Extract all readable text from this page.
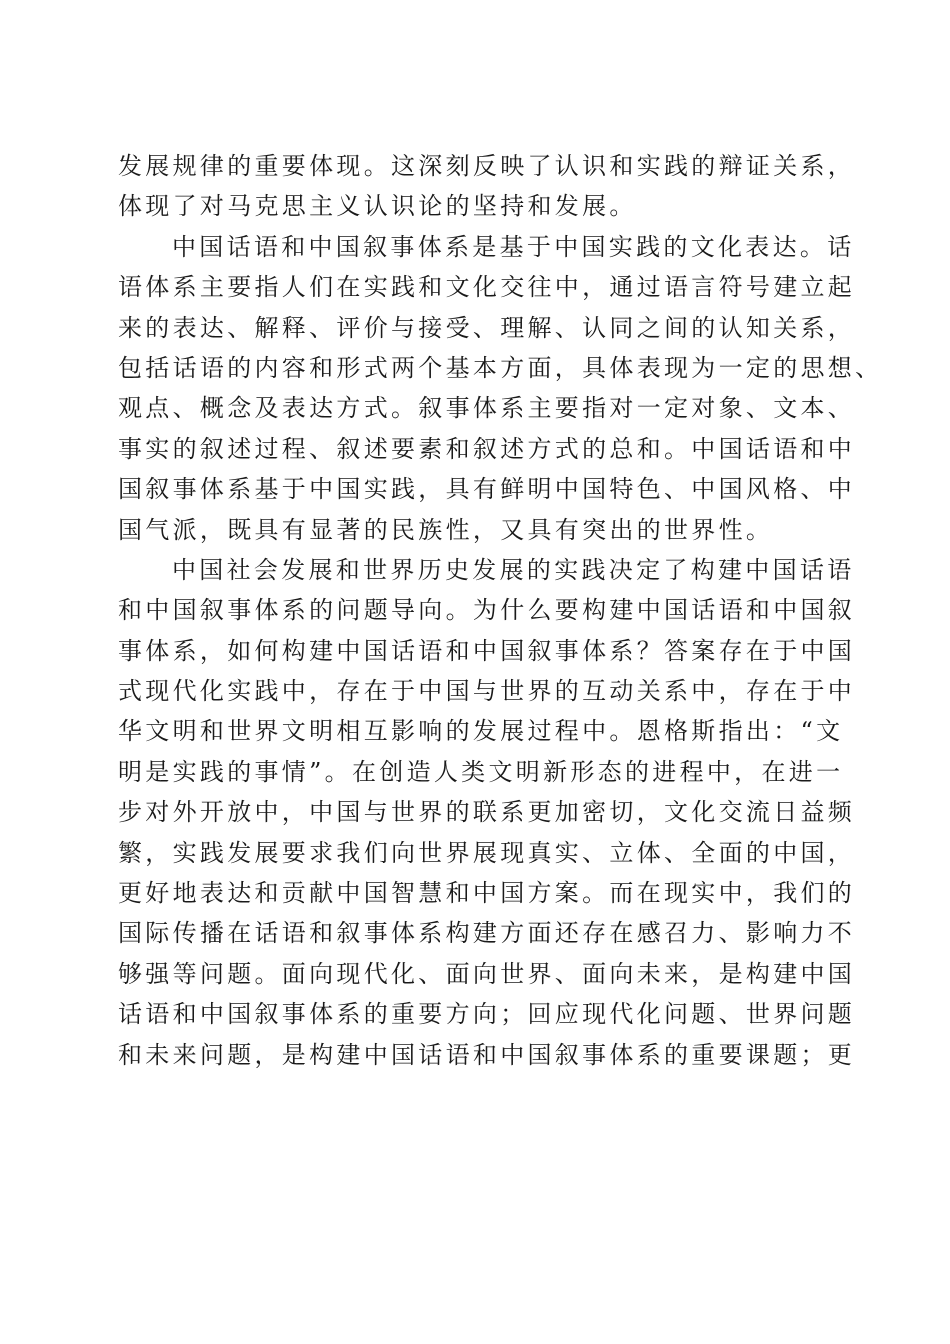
发展规律的重要体现。这深刻反映了认识和实践的辩证关系，
体现了对马克思主义认识论的坚持和发展。
中国话语和中国叙事体系是基于中国实践的文化表达。话
语体系主要指人们在实践和文化交往中，通过语言符号建立起
来的表达、解释、评价与接受、理解、认同之间的认知关系，
包括话语的内容和形式两个基本方面，具体表现为一定的思想、
观点、概念及表达方式。叙事体系主要指对一定对象、文本、
事实的叙述过程、叙述要素和叙述方式的总和。中国话语和中
国叙事体系基于中国实践，具有鲜明中国特色、中国风格、中
国气派，既具有显著的民族性，又具有突出的世界性。
中国社会发展和世界历史发展的实践决定了构建中国话语
和中国叙事体系的问题导向。为什么要构建中国话语和中国叙
事体系，如何构建中国话语和中国叙事体系？答案存在于中国
式现代化实践中，存在于中国与世界的互动关系中，存在于中
华文明和世界文明相互影响的发展过程中。恩格斯指出：“文
明是实践的事情”。在创造人类文明新形态的进程中，在进一
步对外开放中，中国与世界的联系更加密切，文化交流日益频
繁，实践发展要求我们向世界展现真实、立体、全面的中国，
更好地表达和贡献中国智慧和中国方案。而在现实中，我们的
国际传播在话语和叙事体系构建方面还存在感召力、影响力不
够强等问题。面向现代化、面向世界、面向未来，是构建中国
话语和中国叙事体系的重要方向；回应现代化问题、世界问题
和未来问题，是构建中国话语和中国叙事体系的重要课题；更
